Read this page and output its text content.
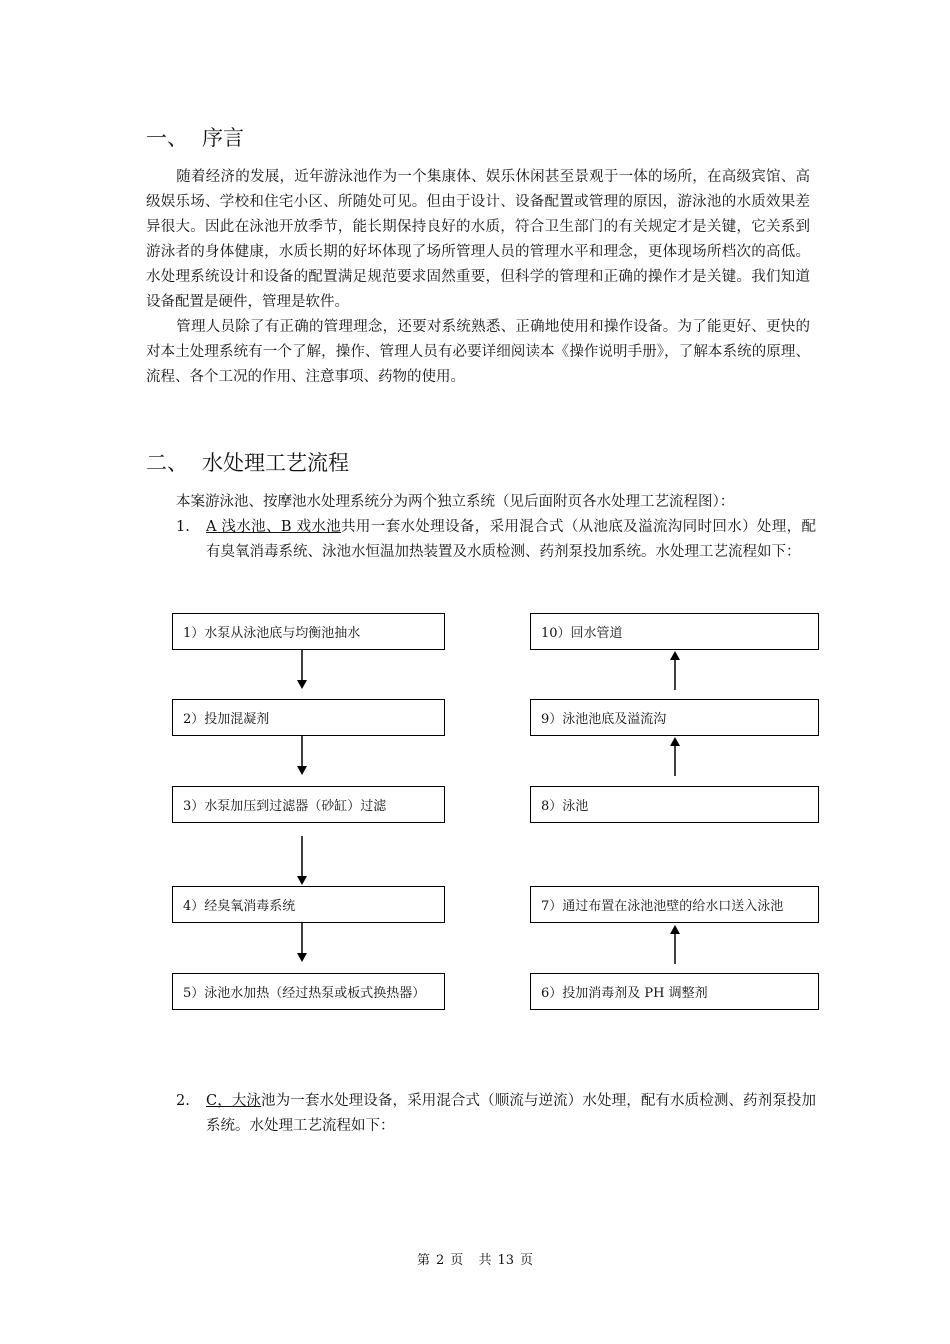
一、 序言
随着经济的发展，近年游泳池作为一个集康体、娱乐休闲甚至景观于一体的场所，在高级宾馆、高级娱乐场、学校和住宅小区、所随处可见。但由于设计、设备配置或管理的原因，游泳池的水质效果差异很大。因此在泳池开放季节，能长期保持良好的水质，符合卫生部门的有关规定才是关键，它关系到游泳者的身体健康，水质长期的好坏体现了场所管理人员的管理水平和理念，更体现场所档次的高低。水处理系统设计和设备的配置满足规范要求固然重要，但科学的管理和正确的操作才是关键。我们知道设备配置是硬件，管理是软件。
管理人员除了有正确的管理理念，还要对系统熟悉、正确地使用和操作设备。为了能更好、更快的对本土处理系统有一个了解，操作、管理人员有必要详细阅读本《操作说明手册》，了解本系统的原理、流程、各个工况的作用、注意事项、药物的使用。
二、 水处理工艺流程
本案游泳池、按摩池水处理系统分为两个独立系统（见后面附页各水处理工艺流程图）：
1. A 浅水池、B 戏水池共用一套水处理设备，采用混合式（从池底及溢流沟同时回水）处理，配有臭氧消毒系统、泳池水恒温加热装置及水质检测、药剂泵投加系统。水处理工艺流程如下：
1）水泵从泳池底与均衡池抽水
2）投加混凝剂
3）水泵加压到过滤器（砂缸）过滤
4）经臭氧消毒系统
5）泳池水加热（经过热泵或板式换热器）	6）投加消毒剂及 PH 调整剂
7）通过布置在泳池池壁的给水口送入泳池
8）泳池
9）泳池池底及溢流沟
10）回水管道
2. C，大泳池为一套水处理设备，采用混合式（顺流与逆流）水处理，配有水质检测、药剂泵投加系统。水处理工艺流程如下：
第 2 页 共 13 页
